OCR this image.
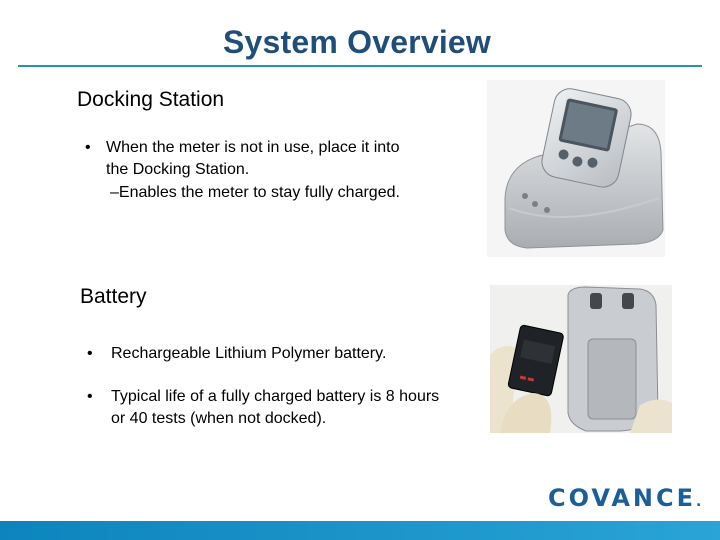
System Overview
Docking Station
• When the meter is not in use, place it into the Docking Station.
–Enables the meter to stay fully charged.
Battery
•	Rechargeable Lithium Polymer battery.
•	Typical life of a fully charged battery is 8 hours or 40 tests (when not docked).
COVANCE.
